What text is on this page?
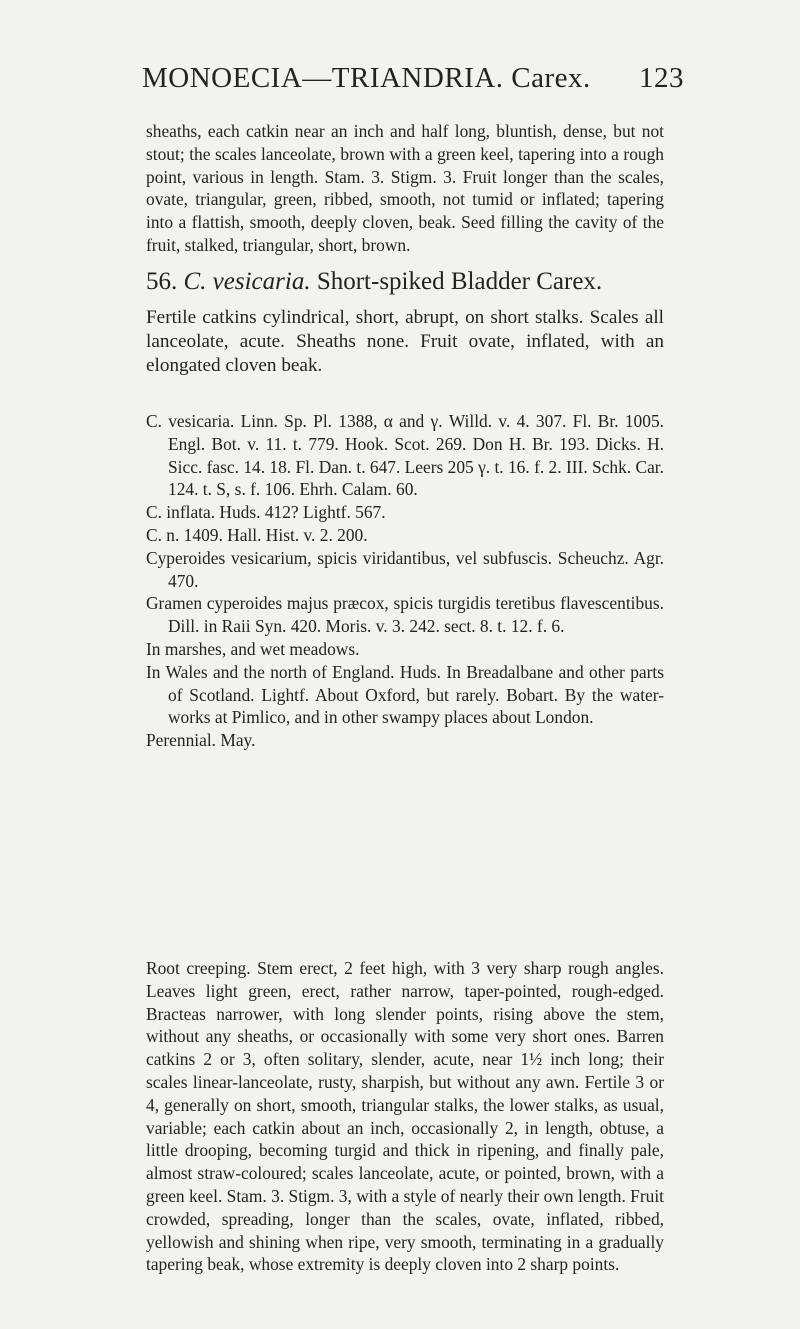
MONOECIA—TRIANDRIA. Carex. 123

sheaths, each catkin near an inch and half long, bluntish, dense, but not stout; the scales lanceolate, brown with a green keel, tapering into a rough point, various in length. Stam. 3. Stigm. 3. Fruit longer than the scales, ovate, triangular, green, ribbed, smooth, not tumid or inflated; tapering into a flattish, smooth, deeply cloven, beak. Seed filling the cavity of the fruit, stalked, triangular, short, brown.

56. C. vesicaria. Short-spiked Bladder Carex.

Fertile catkins cylindrical, short, abrupt, on short stalks. Scales all lanceolate, acute. Sheaths none. Fruit ovate, inflated, with an elongated cloven beak.

C. vesicaria. Linn. Sp. Pl. 1388, α and γ. Willd. v. 4. 307. Fl. Br. 1005. Engl. Bot. v. 11. t. 779. Hook. Scot. 269. Don H. Br. 193. Dicks. H. Sicc. fasc. 14. 18. Fl. Dan. t. 647. Leers 205 γ. t. 16. f. 2. III. Schk. Car. 124. t. S, s. f. 106. Ehrh. Calam. 60.

C. inflata. Huds. 412? Lightf. 567.

C. n. 1409. Hall. Hist. v. 2. 200.

Cyperoides vesicarium, spicis viridantibus, vel subfuscis. Scheuchz. Agr. 470.

Gramen cyperoides majus præcox, spicis turgidis teretibus flavescentibus. Dill. in Raii Syn. 420. Moris. v. 3. 242. sect. 8. t. 12. f. 6.

In marshes, and wet meadows.

In Wales and the north of England. Huds. In Breadalbane and other parts of Scotland. Lightf. About Oxford, but rarely. Bobart. By the water-works at Pimlico, and in other swampy places about London.

Perennial. May.

Root creeping. Stem erect, 2 feet high, with 3 very sharp rough angles. Leaves light green, erect, rather narrow, taper-pointed, rough-edged. Bracteas narrower, with long slender points, rising above the stem, without any sheaths, or occasionally with some very short ones. Barren catkins 2 or 3, often solitary, slender, acute, near 1½ inch long; their scales linear-lanceolate, rusty, sharpish, but without any awn. Fertile 3 or 4, generally on short, smooth, triangular stalks, the lower stalks, as usual, variable; each catkin about an inch, occasionally 2, in length, obtuse, a little drooping, becoming turgid and thick in ripening, and finally pale, almost straw-coloured; scales lanceolate, acute, or pointed, brown, with a green keel. Stam. 3. Stigm. 3, with a style of nearly their own length. Fruit crowded, spreading, longer than the scales, ovate, inflated, ribbed, yellowish and shining when ripe, very smooth, terminating in a gradually tapering beak, whose extremity is deeply cloven into 2 sharp points.
